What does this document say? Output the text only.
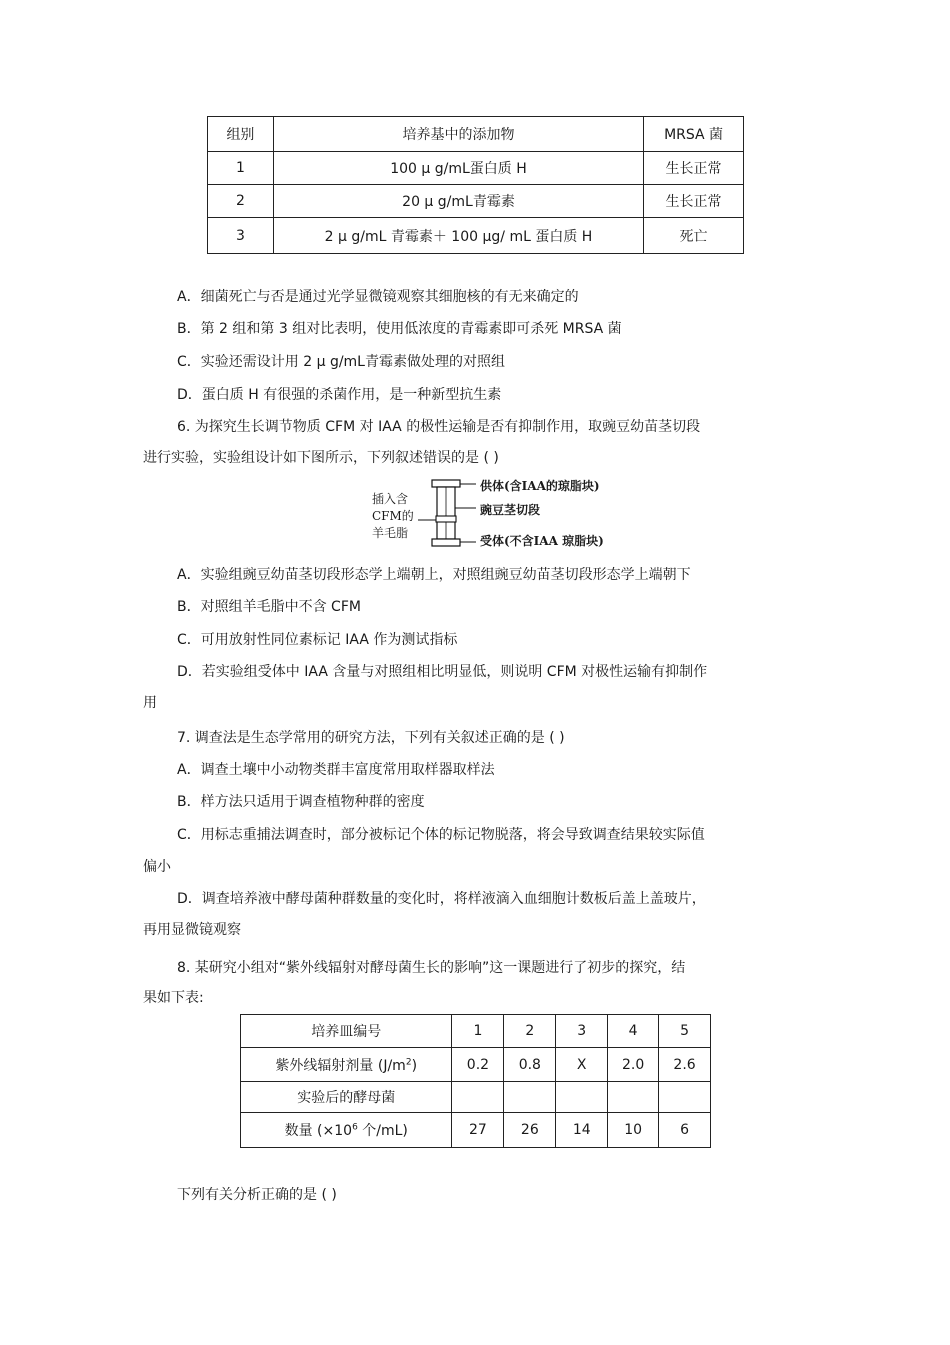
组别	培养基中的添加物	MRSA 菌
1	100 μ g/mL蛋白质 H	生长正常
2	20 μ g/mL青霉素	生长正常
3	2 μ g/mL 青霉素＋ 100 μg/ mL 蛋白质 H	死亡
A．细菌死亡与否是通过光学显微镜观察其细胞核的有无来确定的
B．第 2 组和第 3 组对比表明，使用低浓度的青霉素即可杀死 MRSA 菌
C．实验还需设计用 2 μ g/mL青霉素做处理的对照组
D．蛋白质 H 有很强的杀菌作用，是一种新型抗生素
6. 为探究生长调节物质 CFM 对 IAA 的极性运输是否有抑制作用，取豌豆幼苗茎切段
进行实验，实验组设计如下图所示，下列叙述错误的是 ( )
插入含
CFM的
羊毛脂
供体(含IAA的琼脂块)
豌豆茎切段
受体(不含IAA 琼脂块)
A．实验组豌豆幼苗茎切段形态学上端朝上，对照组豌豆幼苗茎切段形态学上端朝下
B．对照组羊毛脂中不含 CFM
C．可用放射性同位素标记 IAA 作为测试指标
D．若实验组受体中 IAA 含量与对照组相比明显低，则说明 CFM 对极性运输有抑制作
用
7. 调查法是生态学常用的研究方法，下列有关叙述正确的是 ( )
A．调查土壤中小动物类群丰富度常用取样器取样法
B．样方法只适用于调查植物种群的密度
C．用标志重捕法调查时，部分被标记个体的标记物脱落，将会导致调查结果较实际值
偏小
D．调查培养液中酵母菌种群数量的变化时，将样液滴入血细胞计数板后盖上盖玻片，
再用显微镜观察
8. 某研究小组对“紫外线辐射对酵母菌生长的影响”这一课题进行了初步的探究，结
果如下表:
培养皿编号	1	2	3	4	5
紫外线辐射剂量 $(J/m^2)$	0.2	0.8	X	2.0	2.6
实验后的酵母菌					
数量 ($\times 10^6$ 个/mL)	27	26	14	10	6
下列有关分析正确的是 ( )
